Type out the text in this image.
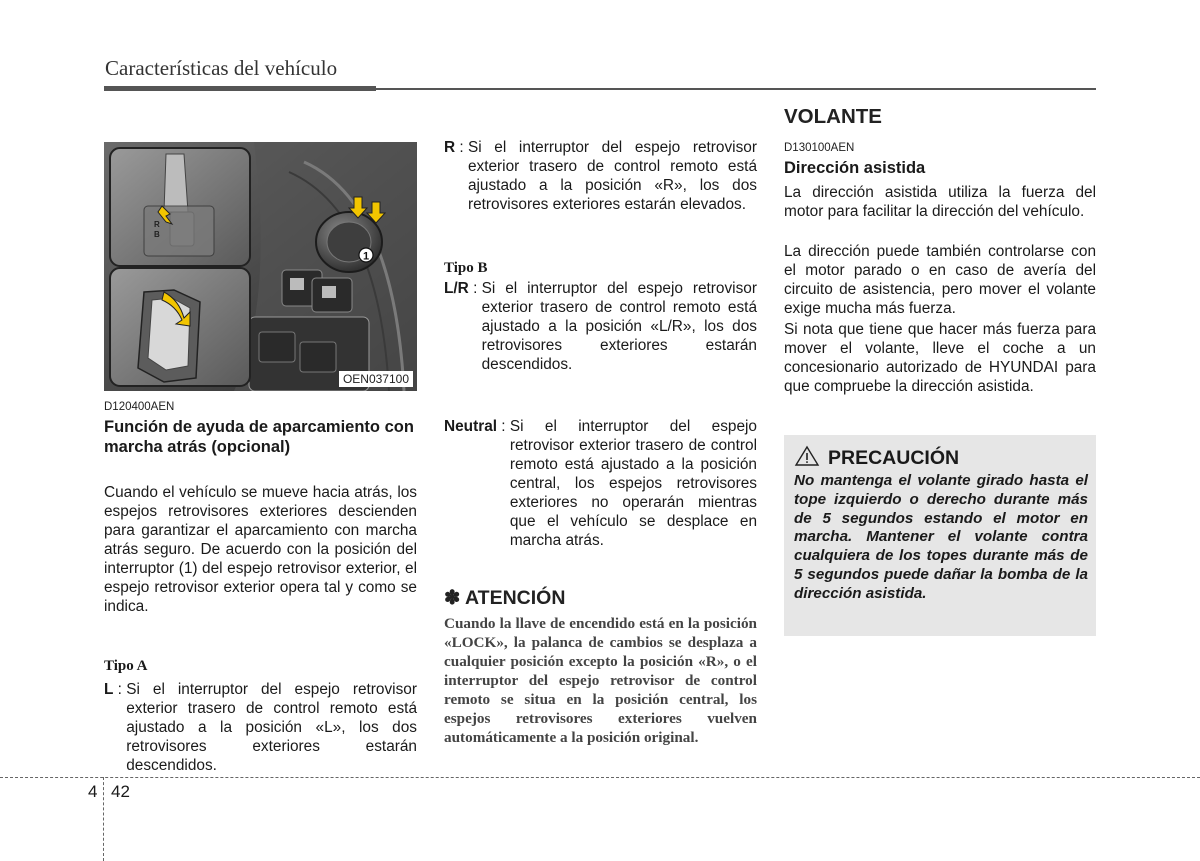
Características del vehículo
1
B
R
OEN037100
D120400AEN
Función de ayuda de aparcamiento con marcha atrás (opcional)
Cuando el vehículo se mueve hacia atrás, los espejos retrovisores exteriores descienden para garantizar el aparcamiento con marcha atrás seguro. De acuerdo con la posición del interruptor (1) del espejo retrovisor exterior, el espejo retrovisor exterior opera tal y como se indica.
Tipo A
L : Si el interruptor del espejo retrovisor exterior trasero de control remoto está ajustado a la posición «L», los dos retrovisores exteriores estarán descendidos.
R : Si el interruptor del espejo retrovisor exterior trasero de control remoto está ajustado a la posición «R», los dos retrovisores exteriores estarán elevados.
Tipo B
L/R : Si el interruptor del espejo retrovisor exterior trasero de control remoto está ajustado a la posición «L/R», los dos retrovisores exteriores estarán descendidos.
Neutral : Si el interruptor del espejo retrovisor exterior trasero de control remoto está ajustado a la posición central, los espejos retrovisores exteriores no operarán mientras que el vehículo se desplace en marcha atrás.
✽ ATENCIÓN
Cuando la llave de encendido está en la posición «LOCK», la palanca de cambios se desplaza a cualquier posición excepto la posición «R», o el interruptor del espejo retrovisor de control remoto se situa en la posición central, los espejos retrovisores exteriores vuelven automáticamente a la posición original.
VOLANTE
D130100AEN
Dirección asistida
La dirección asistida utiliza la fuerza del motor para facilitar la dirección del vehículo.
La dirección puede también controlarse con el motor parado o en caso de avería del circuito de asistencia, pero mover el volante exige mucha más fuerza.
Si nota que tiene que hacer más fuerza para mover el volante, lleve el coche a un concesionario autorizado de HYUNDAI para que compruebe la dirección asistida.
PRECAUCIÓN
No mantenga el volante girado hasta el tope izquierdo o derecho durante más de 5 segundos estando el motor en marcha. Mantener el volante contra cualquiera de los topes durante más de 5 segundos puede dañar la bomba de la dirección asistida.
4 42
